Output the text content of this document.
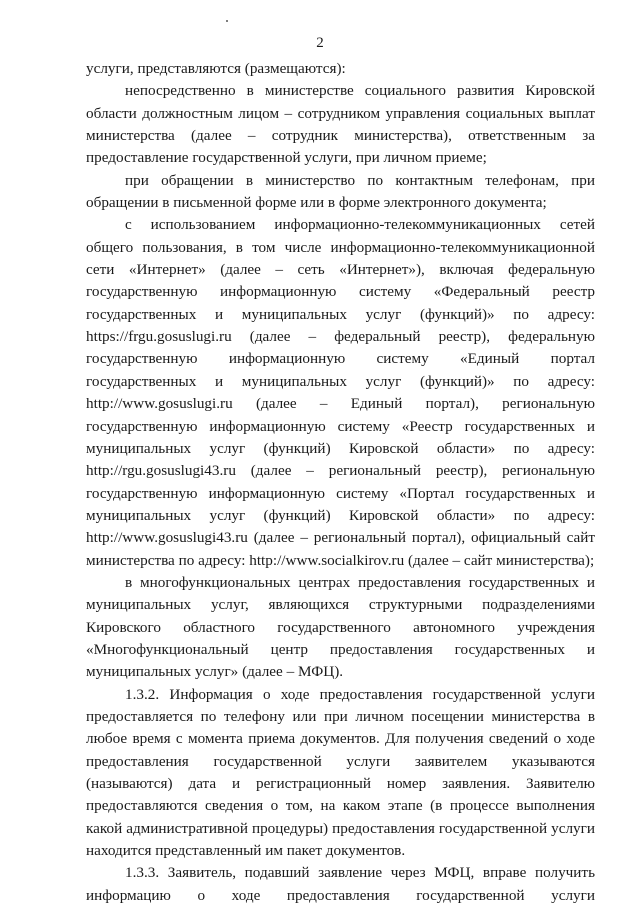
2

услуги, представляются (размещаются):

непосредственно в министерстве социального развития Кировской области должностным лицом – сотрудником управления социальных выплат министерства (далее – сотрудник министерства), ответственным за предоставление государственной услуги, при личном приеме;

при обращении в министерство по контактным телефонам, при обращении в письменной форме или в форме электронного документа;

с использованием информационно-телекоммуникационных сетей общего пользования, в том числе информационно-телекоммуникационной сети «Интернет» (далее – сеть «Интернет»), включая федеральную государственную информационную систему «Федеральный реестр государственных и муниципальных услуг (функций)» по адресу: https://frgu.gosuslugi.ru (далее – федеральный реестр), федеральную государственную информационную систему «Единый портал государственных и муниципальных услуг (функций)» по адресу: http://www.gosuslugi.ru (далее – Единый портал), региональную государственную информационную систему «Реестр государственных и муниципальных услуг (функций) Кировской области» по адресу: http://rgu.gosuslugi43.ru (далее – региональный реестр), региональную государственную информационную систему «Портал государственных и муниципальных услуг (функций) Кировской области» по адресу: http://www.gosuslugi43.ru (далее – региональный портал), официальный сайт министерства по адресу: http://www.socialkirov.ru (далее – сайт министерства);

в многофункциональных центрах предоставления государственных и муниципальных услуг, являющихся структурными подразделениями Кировского областного государственного автономного учреждения «Многофункциональный центр предоставления государственных и муниципальных услуг» (далее – МФЦ).

1.3.2. Информация о ходе предоставления государственной услуги предоставляется по телефону или при личном посещении министерства в любое время с момента приема документов. Для получения сведений о ходе предоставления государственной услуги заявителем указываются (называются) дата и регистрационный номер заявления. Заявителю предоставляются сведения о том, на каком этапе (в процессе выполнения какой административной процедуры) предоставления государственной услуги находится представленный им пакет документов.

1.3.3. Заявитель, подавший заявление через МФЦ, вправе получить информацию о ходе предоставления государственной услуги
